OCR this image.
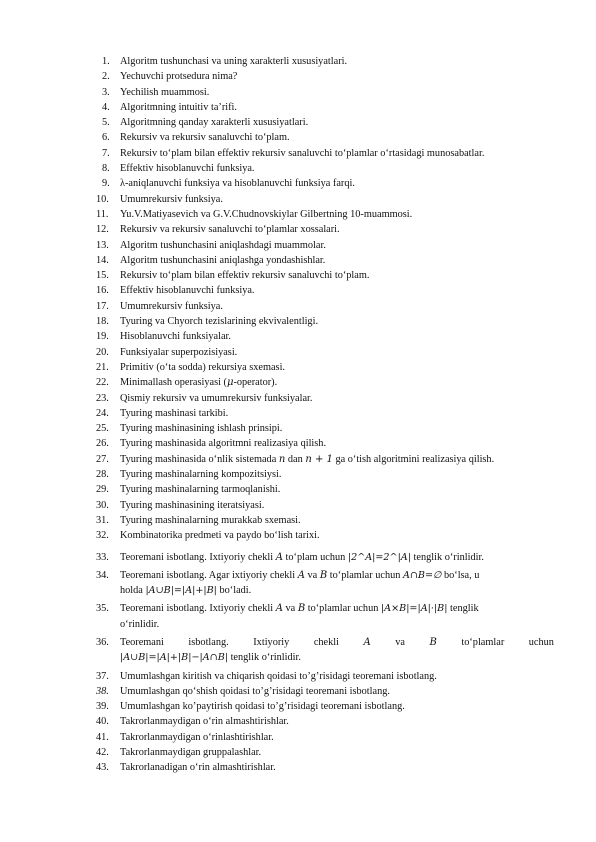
1. Algoritm tushunchasi va uning xarakterli xususiyatlari.
2. Yechuvchi protsedura nima?
3. Yechilish muammosi.
4. Algoritmning intuitiv ta’rifi.
5. Algoritmning qanday xarakterli xususiyatlari.
6. Rekursiv va rekursiv sanaluvchi to‘plam.
7. Rekursiv to‘plam bilan effektiv rekursiv sanaluvchi to‘plamlar o‘rtasidagi munosabatlar.
8. Effektiv hisoblanuvchi funksiya.
9. λ-aniqlanuvchi funksiya va hisoblanuvchi funksiya farqi.
10.	Umumrekursiv funksiya.
11.	Yu.V.Matiyasevich va G.V.Chudnovskiylar Gilbertning 10-muammosi.
12.	Rekursiv va rekursiv sanaluvchi to‘plamlar xossalari.
13.	Algoritm tushunchasini aniqlashdagi muammolar.
14.	Algoritm tushunchasini aniqlashga yondashishlar.
15.	Rekursiv to‘plam bilan effektiv rekursiv sanaluvchi to‘plam.
16.	Effektiv hisoblanuvchi funksiya.
17.	Umumrekursiv funksiya.
18.	Tyuring va Chyorch tezislarining ekvivalentligi.
19.	Hisoblanuvchi funksiyalar.
20.	Funksiyalar superpozisiyasi.
21.	Primitiv (o‘ta sodda) rekursiya sxemasi.
22.	Minimallash operasiyasi (μ-operator).
23.	Qismiy rekursiv va umumrekursiv funksiyalar.
24.	Tyuring mashinasi tarkibi.
25.	Tyuring mashinasining ishlash prinsipi.
26.	Tyuring mashinasida algoritmni realizasiya qilish.
27.	Tyuring mashinasida o‘nlik sistemada n dan n + 1 ga o‘tish algoritmini realizasiya qilish.
28.	Tyuring mashinalarning kompozitsiysi.
29.	Tyuring mashinalarning tarmoqlanishi.
30.	Tyuring mashinasining iteratsiyasi.
31.	Tyuring mashinalarning murakkab sxemasi.
32.	Kombinatorika predmeti va paydo bo‘lish tarixi.
33.	Teoremani isbotlang. Ixtiyoriy chekli A to‘plam uchun |2^A|=2^|A| tenglik o‘rinlidir.
34.	Teoremani isbotlang. Agar ixtiyoriy chekli A va B to‘plamlar uchun A∩B=∅ bo‘lsa, u
holda |A∪B|=|A|+|B| bo‘ladi.
35.	Teoremani isbotlang. Ixtiyoriy chekli A va B to‘plamlar uchun |A×B|=|A|·|B| tenglik
o‘rinlidir.
36.	Teoremani isbotlang. Ixtiyoriy chekli A va B to‘plamlar uchun
|A∪B|=|A|+|B|−|A∩B| tenglik o‘rinlidir.
37.	Umumlashgan kiritish va chiqarish qoidasi to’g’risidagi teoremani isbotlang.
38.	Umumlashgan qo‘shish qoidasi to’g’risidagi teoremani isbotlang.
39.	Umumlashgan ko’paytirish qoidasi to’g’risidagi teoremani isbotlang.
40.	Takrorlanmaydigan o‘rin almashtirishlar.
41.	Takrorlanmaydigan o‘rinlashtirishlar.
42.	Takrorlanmaydigan gruppalashlar.
43.	Takrorlanadigan o‘rin almashtirishlar.
